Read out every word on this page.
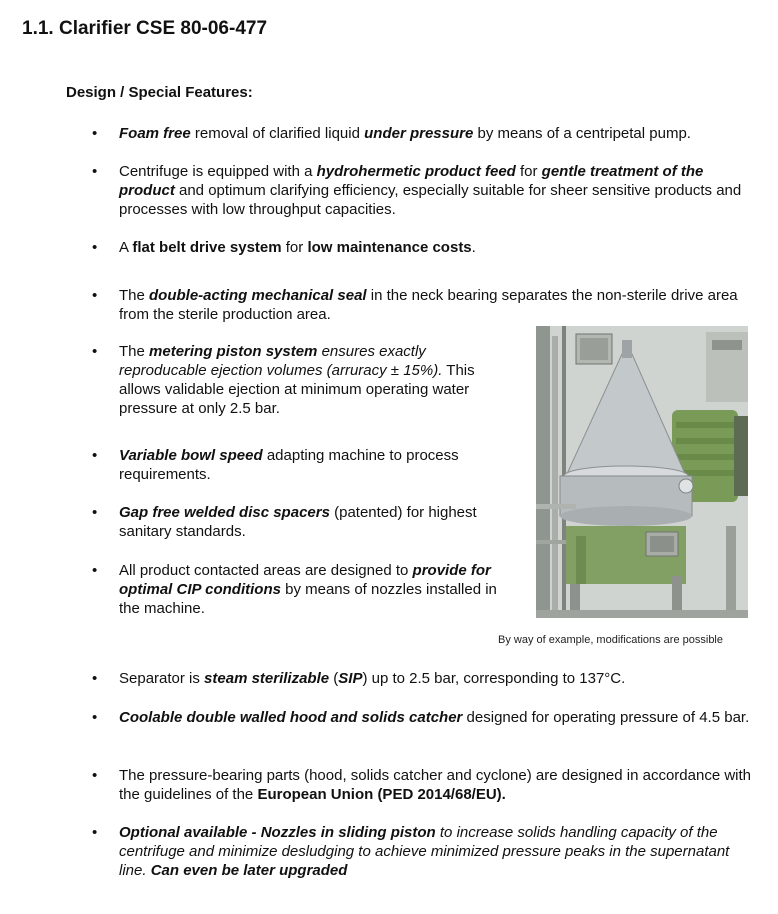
1.1. Clarifier CSE 80-06-477
Design / Special Features:
• Foam free removal of clarified liquid under pressure by means of a centripetal pump.
• Centrifuge is equipped with a hydrohermetic product feed for gentle treatment of the product and optimum clarifying efficiency, especially suitable for sheer sensitive products and processes with low throughput capacities.
• A flat belt drive system for low maintenance costs.
• The double-acting mechanical seal in the neck bearing separates the non-sterile drive area from the sterile production area.
• The metering piston system ensures exactly reproducable ejection volumes (arruracy ± 15%). This allows validable ejection at minimum operating water pressure at only 2.5 bar.
• Variable bowl speed adapting machine to process requirements.
• Gap free welded disc spacers (patented) for highest sanitary standards.
• All product contacted areas are designed to provide for optimal CIP conditions by means of nozzles installed in the machine.
By way of example, modifications are possible
• Separator is steam sterilizable (SIP) up to 2.5 bar, corresponding to 137°C.
• Coolable double walled hood and solids catcher designed for operating pressure of 4.5 bar.
• The pressure-bearing parts (hood, solids catcher and cyclone) are designed in accordance with the guidelines of the European Union (PED 2014/68/EU).
• Optional available - Nozzles in sliding piston to increase solids handling capacity of the centrifuge and minimize desludging to achieve minimized pressure peaks in the supernatant line. Can even be later upgraded
